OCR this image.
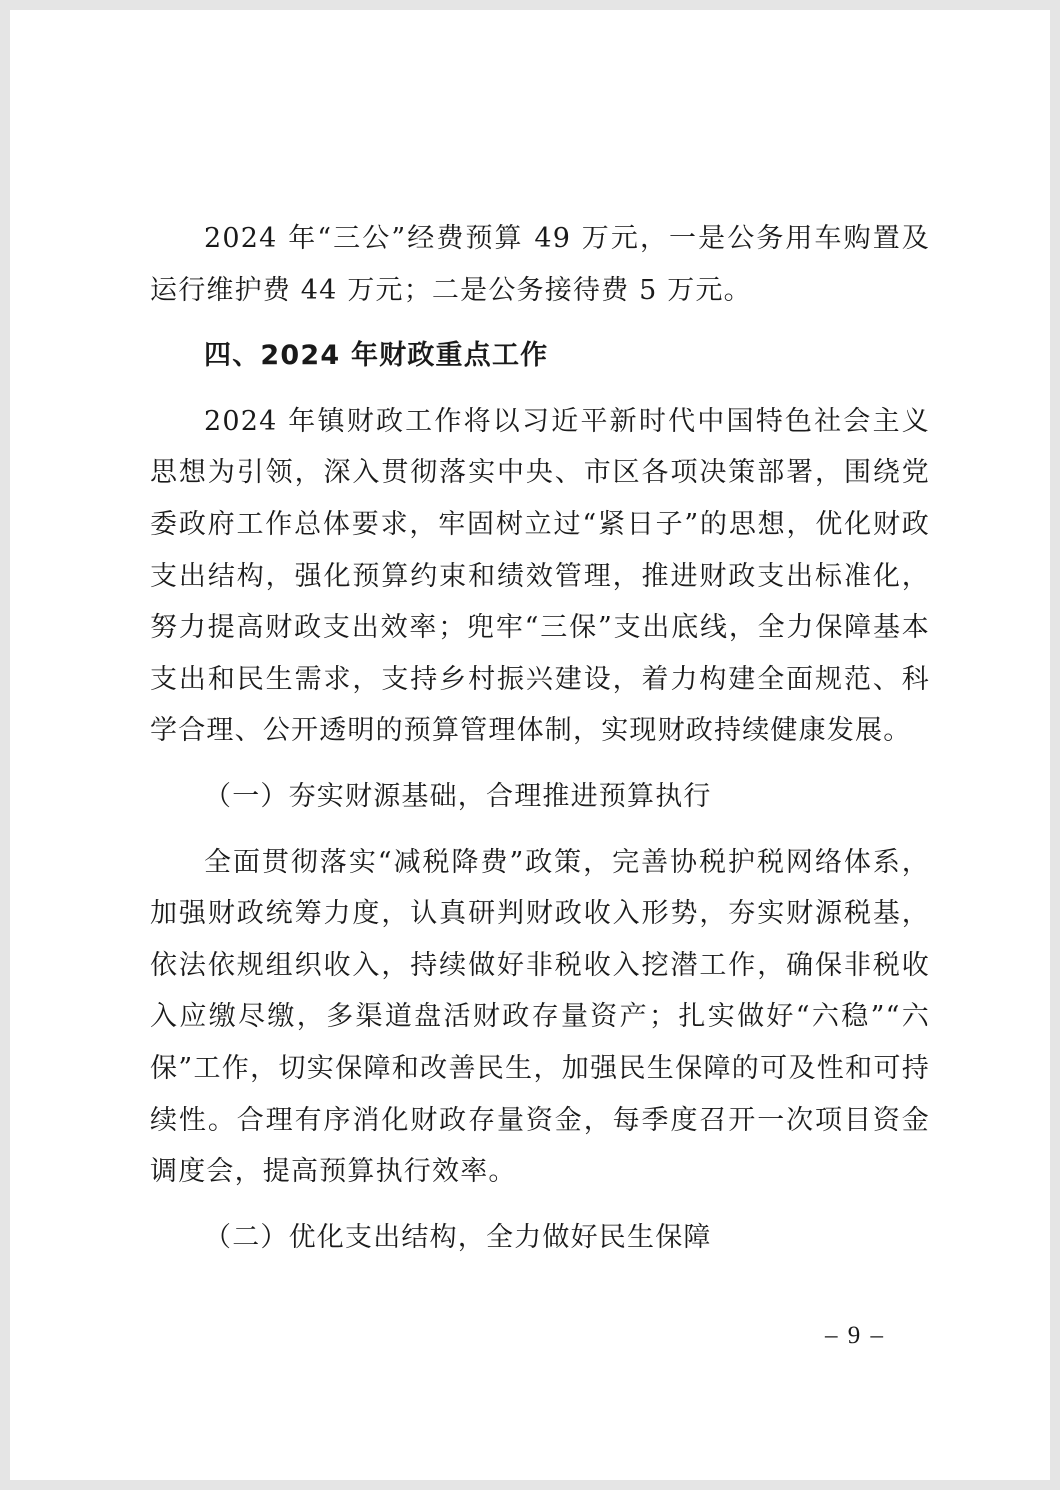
2024 年“三公”经费预算 49 万元，一是公务用车购置及运行维护费 44 万元；二是公务接待费 5 万元。

四、2024 年财政重点工作

2024 年镇财政工作将以习近平新时代中国特色社会主义思想为引领，深入贯彻落实中央、市区各项决策部署，围绕党委政府工作总体要求，牢固树立过“紧日子”的思想，优化财政支出结构，强化预算约束和绩效管理，推进财政支出标准化，努力提高财政支出效率；兜牢“三保”支出底线，全力保障基本支出和民生需求，支持乡村振兴建设，着力构建全面规范、科学合理、公开透明的预算管理体制，实现财政持续健康发展。

（一）夯实财源基础，合理推进预算执行

全面贯彻落实“减税降费”政策，完善协税护税网络体系，加强财政统筹力度，认真研判财政收入形势，夯实财源税基，依法依规组织收入，持续做好非税收入挖潜工作，确保非税收入应缴尽缴，多渠道盘活财政存量资产；扎实做好“六稳”“六保”工作，切实保障和改善民生，加强民生保障的可及性和可持续性。合理有序消化财政存量资金，每季度召开一次项目资金调度会，提高预算执行效率。

（二）优化支出结构，全力做好民生保障

– 9 –
